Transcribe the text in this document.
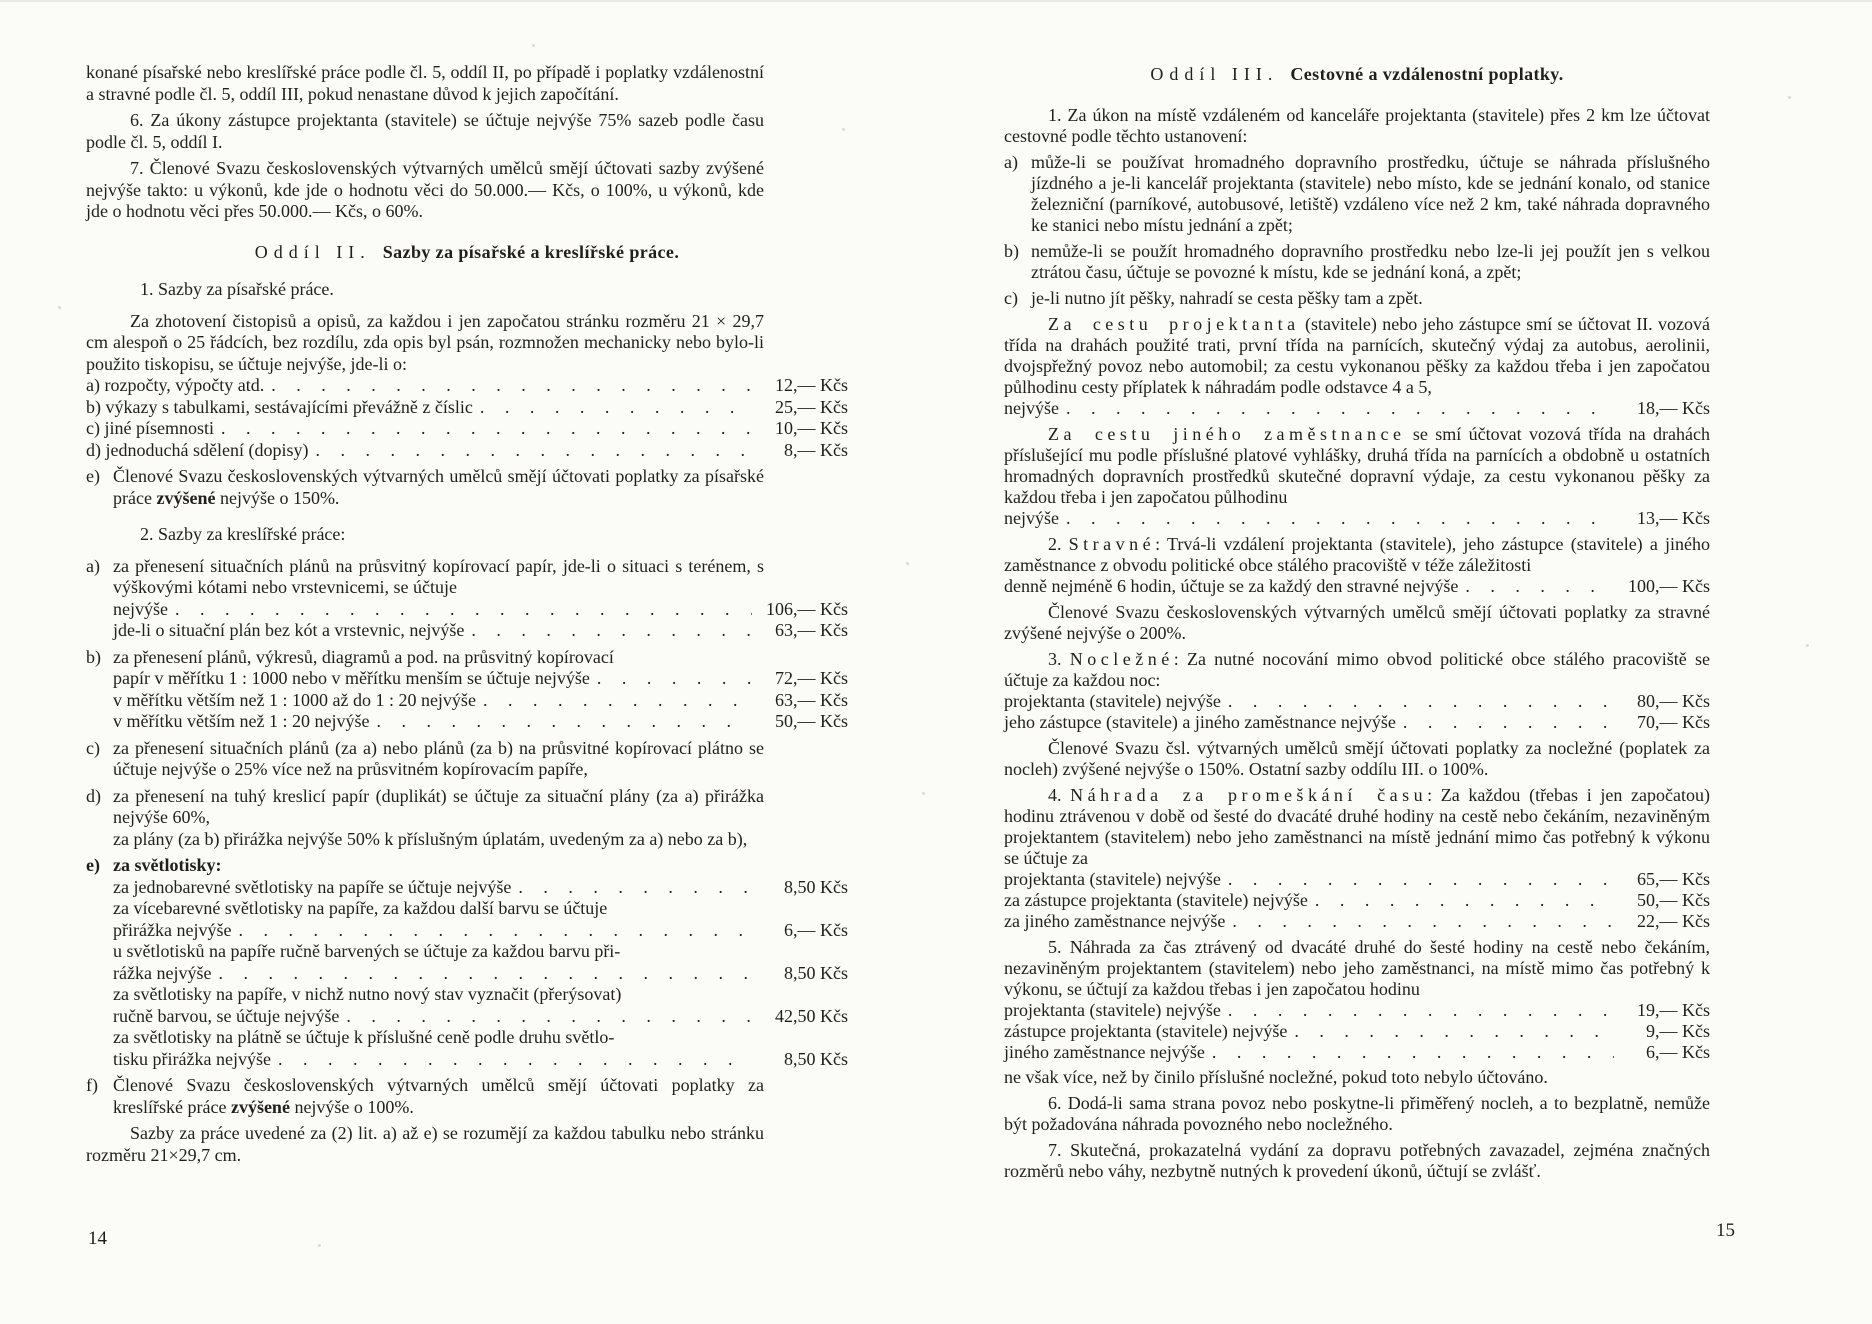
konané písařské nebo kreslířské práce podle čl. 5, oddíl II, po případě i poplatky vzdálenostní a stravné podle čl. 5, oddíl III, pokud nenastane důvod k jejich započítání.
6. Za úkony zástupce projektanta (stavitele) se účtuje nejvýše 75% sazeb podle času podle čl. 5, oddíl I.
7. Členové Svazu československých výtvarných umělců smějí účtovati sazby zvýšené nejvýše takto: u výkonů, kde jde o hodnotu věci do 50.000.— Kčs, o 100%, u výkonů, kde jde o hodnotu věci přes 50.000.— Kčs, o 60%.
Oddíl II. Sazby za písařské a kreslířské práce.
1. Sazby za písařské práce.
Za zhotovení čistopisů a opisů, za každou i jen započatou stránku rozměru 21 × 29,7 cm alespoň o 25 řádcích, bez rozdílu, zda opis byl psán, rozmnožen mechanicky nebo bylo-li použito tiskopisu, se účtuje nejvýše, jde-li o:
a) rozpočty, výpočty atd. . . .	12,— Kčs
b) výkazy s tabulkami, sestávajícími převážně z číslic . . .	25,— Kčs
c) jiné písemnosti . . .	10,— Kčs
d) jednoduchá sdělení (dopisy) . . .	8,— Kčs
e) Členové Svazu československých výtvarných umělců smějí účtovati poplatky za písařské práce zvýšené nejvýše o 150%.
2. Sazby za kreslířské práce:
a) za přenesení situačních plánů na průsvitný kopírovací papír, jde-li o situaci s terénem, s výškovými kótami nebo vrstevnicemi, se účtuje
nejvýše . . .	106,— Kčs
jde-li o situační plán bez kót a vrstevnic, nejvýše . . .	63,— Kčs
b) za přenesení plánů, výkresů, diagramů a pod. na průsvitný kopírovací
papír v měřítku 1 : 1000 nebo v měřítku menším se účtuje nejvýše . . .	72,— Kčs
v měřítku větším než 1 : 1000 až do 1 : 20 nejvýše . . .	63,— Kčs
v měřítku větším než 1 : 20 nejvýše . . .	50,— Kčs
c) za přenesení situačních plánů (za a) nebo plánů (za b) na průsvitné kopírovací plátno se účtuje nejvýše o 25% více než na průsvitném kopírovacím papíře,
d) za přenesení na tuhý kreslicí papír (duplikát) se účtuje za situační plány (za a) přirážka nejvýše 60%,
za plány (za b) přirážka nejvýše 50% k příslušným úplatám, uvedeným za a) nebo za b),
e) za světlotisky:
za jednobarevné světlotisky na papíře se účtuje nejvýše . . .	8,50 Kčs
za vícebarevné světlotisky na papíře, za každou další barvu se účtuje
přirážka nejvýše . . .	6,— Kčs
u světlotisků na papíře ručně barvených se účtuje za každou barvu při-
rážka nejvýše . . .	8,50 Kčs
za světlotisky na papíře, v nichž nutno nový stav vyznačit (přerýsovat)
ručně barvou, se účtuje nejvýše . . .	42,50 Kčs
za světlotisky na plátně se účtuje k příslušné ceně podle druhu světlo-
tisku přirážka nejvýše . . .	8,50 Kčs
f) Členové Svazu československých výtvarných umělců smějí účtovati poplatky za kreslířské práce zvýšené nejvýše o 100%.
Sazby za práce uvedené za (2) lit. a) až e) se rozumějí za každou tabulku nebo stránku rozměru 21×29,7 cm.
Oddíl III. Cestovné a vzdálenostní poplatky.
1. Za úkon na místě vzdáleném od kanceláře projektanta (stavitele) přes 2 km lze účtovat cestovné podle těchto ustanovení:
a) může-li se používat hromadného dopravního prostředku, účtuje se náhrada příslušného jízdného a je-li kancelář projektanta (stavitele) nebo místo, kde se jednání konalo, od stanice železniční (parníkové, autobusové, letiště) vzdáleno více než 2 km, také náhrada dopravného ke stanici nebo místu jednání a zpět;
b) nemůže-li se použít hromadného dopravního prostředku nebo lze-li jej použít jen s velkou ztrátou času, účtuje se povozné k místu, kde se jednání koná, a zpět;
c) je-li nutno jít pěšky, nahradí se cesta pěšky tam a zpět.
Za cestu projektanta (stavitele) nebo jeho zástupce smí se účtovat II. vozová třída na drahách použité trati, první třída na parnících, skutečný výdaj za autobus, aerolinii, dvojspřežný povoz nebo automobil; za cestu vykonanou pěšky za každou třeba i jen započatou půlhodinu cesty příplatek k náhradám podle odstavce 4 a 5,
nejvýše . . .	18,— Kčs
Za cestu jiného zaměstnance se smí účtovat vozová třída na drahách příslušející mu podle příslušné platové vyhlášky, druhá třída na parnících a obdobně u ostatních hromadných dopravních prostředků skutečné dopravní výdaje, za cestu vykonanou pěšky za každou třeba i jen započatou půlhodinu
nejvýše . . .	13,— Kčs
2. Stravné: Trvá-li vzdálení projektanta (stavitele), jeho zástupce (stavitele) a jiného zaměstnance z obvodu politické obce stálého pracoviště v téže záležitosti
denně nejméně 6 hodin, účtuje se za každý den stravné nejvýše . . .	100,— Kčs
Členové Svazu československých výtvarných umělců smějí účtovati poplatky za stravné zvýšené nejvýše o 200%.
3. Nocležné: Za nutné nocování mimo obvod politické obce stálého pracoviště se účtuje za každou noc:
projektanta (stavitele) nejvýše . . .	80,— Kčs
jeho zástupce (stavitele) a jiného zaměstnance nejvýše . . .	70,— Kčs
Členové Svazu čsl. výtvarných umělců smějí účtovati poplatky za nocležné (poplatek za nocleh) zvýšené nejvýše o 150%. Ostatní sazby oddílu III. o 100%.
4. Náhrada za promeškání času: Za každou (třebas i jen započatou) hodinu ztrávenou v době od šesté do dvacáté druhé hodiny na cestě nebo čekáním, nezaviněným projektantem (stavitelem) nebo jeho zaměstnanci na místě jednání mimo čas potřebný k výkonu se účtuje za
projektanta (stavitele) nejvýše . . .	65,— Kčs
za zástupce projektanta (stavitele) nejvýše . . .	50,— Kčs
za jiného zaměstnance nejvýše . . .	22,— Kčs
5. Náhrada za čas ztrávený od dvacáté druhé do šesté hodiny na cestě nebo čekáním, nezaviněným projektantem (stavitelem) nebo jeho zaměstnanci, na místě mimo čas potřebný k výkonu, se účtují za každou třebas i jen započatou hodinu
projektanta (stavitele) nejvýše . . .	19,— Kčs
zástupce projektanta (stavitele) nejvýše . . .	9,— Kčs
jiného zaměstnance nejvýše . . .	6,— Kčs
ne však více, než by činilo příslušné nocležné, pokud toto nebylo účtováno.
6. Dodá-li sama strana povoz nebo poskytne-li přiměřený nocleh, a to bezplatně, nemůže být požadována náhrada povozného nebo nocležného.
7. Skutečná, prokazatelná vydání za dopravu potřebných zavazadel, zejména značných rozměrů nebo váhy, nezbytně nutných k provedení úkonů, účtují se zvlášť.
14	15
